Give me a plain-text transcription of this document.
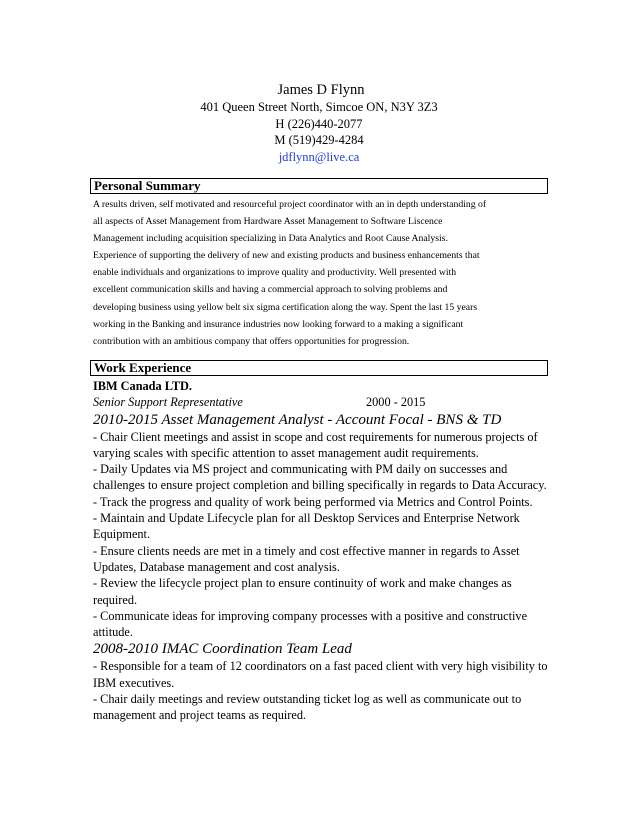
James D Flynn
401 Queen Street North, Simcoe ON, N3Y 3Z3
H (226)440-2077
M (519)429-4284
jdflynn@live.ca
Personal Summary

A results driven, self motivated and resourceful project coordinator with an in depth understanding of

all aspects of Asset Management from Hardware Asset Management to Software Liscence

Management including acquisition specializing in Data Analytics and Root Cause Analysis.

Experience of supporting the delivery of new and existing products and business enhancements that

enable individuals and organizations to improve quality and productivity. Well presented with

excellent communication skills and having a commercial approach to solving problems and

developing business using yellow belt six sigma certification along the way. Spent the last 15 years

working in the Banking and insurance industries now looking forward to a making a significant

contribution with an ambitious company that offers opportunities for progression.

Work Experience
IBM Canada LTD.
Senior Support Representative	2000 - 2015
2010-2015 Asset Management Analyst - Account Focal - BNS & TD

- Chair Client meetings and assist in scope and cost requirements for numerous projects of varying scales with specific attention to asset management audit requirements.

- Daily Updates via MS project and communicating with PM daily on successes and challenges to ensure project completion and billing specifically in regards to Data Accuracy.

- Track the progress and quality of work being performed via Metrics and Control Points.

- Maintain and Update Lifecycle plan for all Desktop Services and Enterprise Network Equipment.

- Ensure clients needs are met in a timely and cost effective manner in regards to Asset Updates, Database management and cost analysis.

- Review the lifecycle project plan to ensure continuity of work and make changes as required.

- Communicate ideas for improving company processes with a positive and constructive attitude.

2008-2010 IMAC Coordination Team Lead

- Responsible for a team of 12 coordinators on a fast paced client with very high visibility to IBM executives.

- Chair daily meetings and review outstanding ticket log as well as communicate out to management and project teams as required.
